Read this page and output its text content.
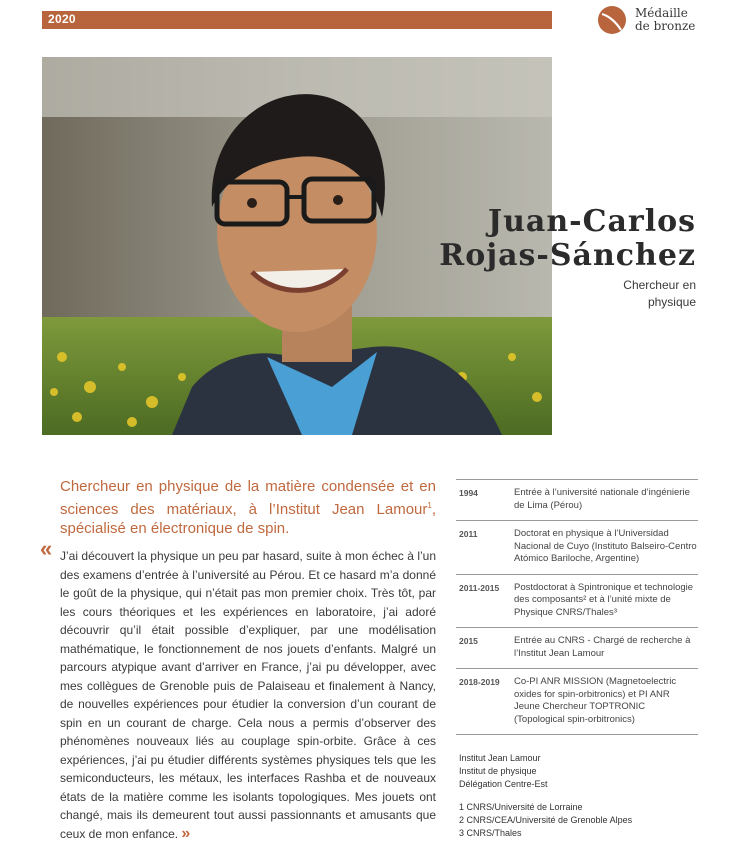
2020	Médaille
de bronze
Juan-Carlos
Rojas-Sánchez
Chercheur en
physique
Chercheur en physique de la matière condensée et en sciences des matériaux, à l’Institut Jean Lamour$^1$, spécialisé en électronique de spin.
« J’ai découvert la physique un peu par hasard, suite à mon échec à l’un des examens d’entrée à l’université au Pérou. Et ce hasard m’a donné le goût de la physique, qui n’était pas mon premier choix. Très tôt, par les cours théoriques et les expériences en laboratoire, j’ai adoré découvrir qu’il était possible d’expliquer, par une modélisation mathématique, le fonctionnement de nos jouets d’enfants. Malgré un parcours atypique avant d’arriver en France, j’ai pu développer, avec mes collègues de Grenoble puis de Palaiseau et finalement à Nancy, de nouvelles expériences pour étudier la conversion d’un courant de spin en un courant de charge. Cela nous a permis d’observer des phénomènes nouveaux liés au couplage spin-orbite. Grâce à ces expériences, j’ai pu étudier différents systèmes physiques tels que les semiconducteurs, les métaux, les interfaces Rashba et de nouveaux états de la matière comme les isolants topologiques. Mes jouets ont changé, mais ils demeurent tout aussi passionnants et amusants que ceux de mon enfance. »
1994	Entrée à l’université nationale d’ingénierie de Lima (Pérou)
2011	Doctorat en physique à l’Universidad Nacional de Cuyo (Instituto Balseiro-Centro Atómico Bariloche, Argentine)
2011-2015	Postdoctorat à Spintronique et technologie des composants² et à l’unité mixte de Physique CNRS/Thales³
2015	Entrée au CNRS - Chargé de recherche à l’Institut Jean Lamour
2018-2019	Co-PI ANR MISSION (Magnetoelectric oxides for spin-orbitronics) et PI ANR Jeune Chercheur TOPTRONIC (Topological spin-orbitronics)
Institut Jean Lamour
Institut de physique
Délégation Centre-Est
1 CNRS/Université de Lorraine
2 CNRS/CEA/Université de Grenoble Alpes
3 CNRS/Thales
